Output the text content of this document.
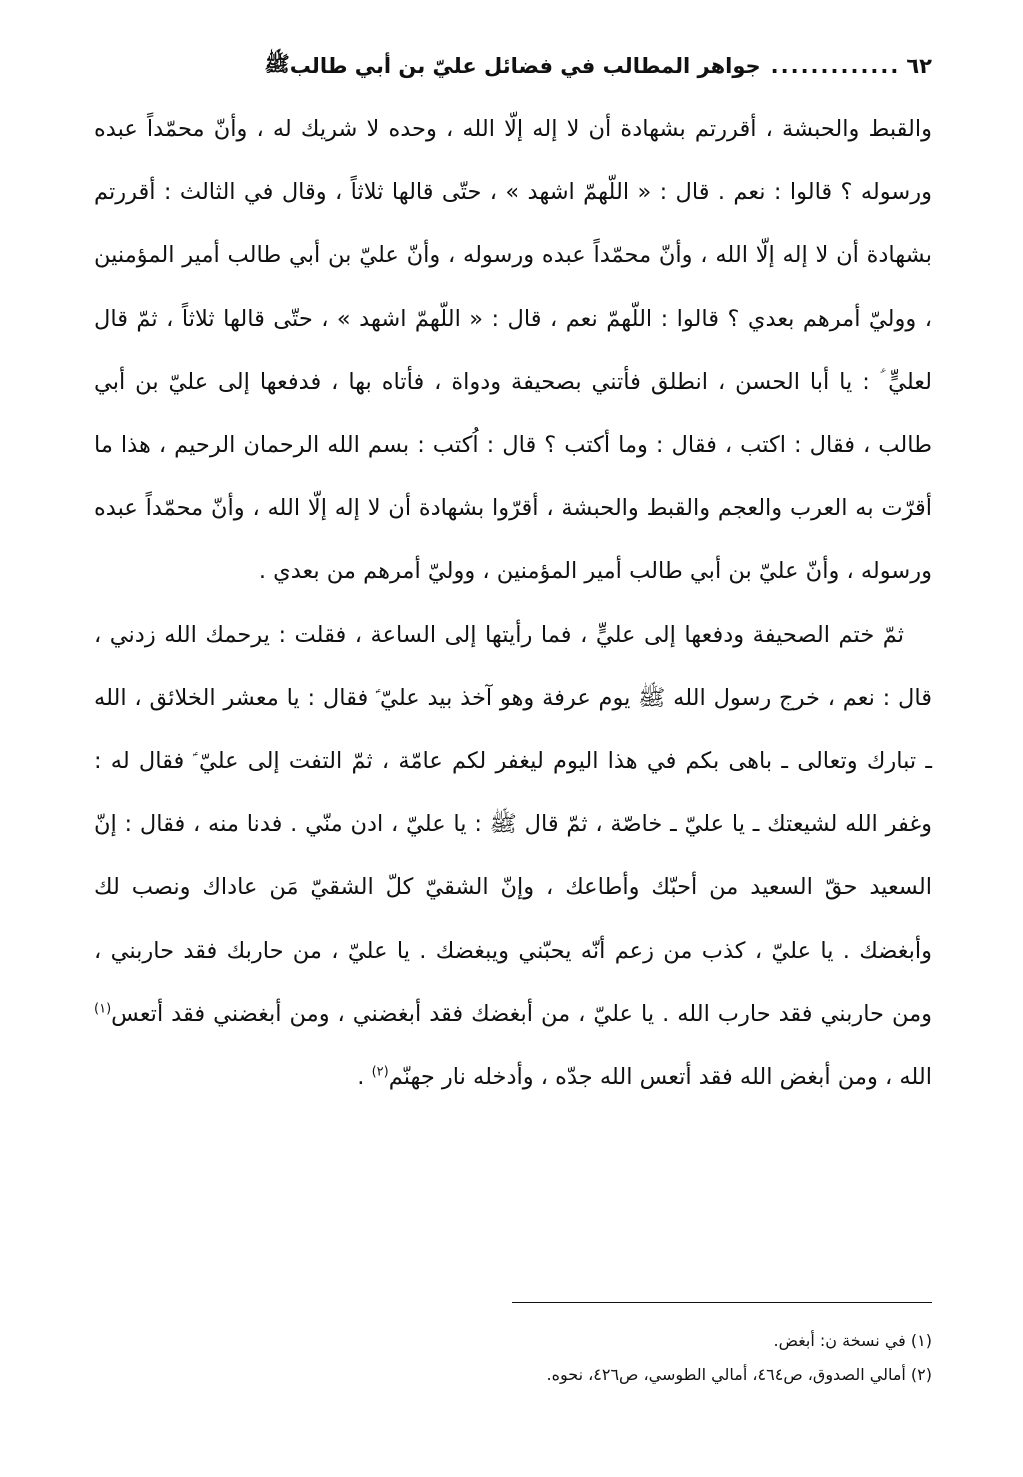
٦٢
.............
جواهر المطالب في فضائل عليّ بن أبي طالب
ﷺ

والقبط والحبشة ، أقررتم بشهادة أن لا إله إلّا الله ، وحده لا شريك له ، وأنّ محمّداً عبده ورسوله ؟ قالوا : نعم . قال : « اللّهمّ اشهد » ، حتّى قالها ثلاثاً ، وقال في الثالث : أقررتم بشهادة أن لا إله إلّا الله ، وأنّ محمّداً عبده ورسوله ، وأنّ عليّ بن أبي طالب أمير المؤمنين ، ووليّ أمرهم بعدي ؟ قالوا : اللّهمّ نعم ، قال : « اللّهمّ اشهد » ، حتّى قالها ثلاثاً ، ثمّ قال لعليٍّ ؑ : يا أبا الحسن ، انطلق فأتني بصحيفة ودواة ، فأتاه بها ، فدفعها إلى عليّ بن أبي طالب ، فقال : اكتب ، فقال : وما أكتب ؟ قال : اُكتب : بسم الله الرحمان الرحيم ، هذا ما أقرّت به العرب والعجم والقبط والحبشة ، أقرّوا بشهادة أن لا إله إلّا الله ، وأنّ محمّداً عبده ورسوله ، وأنّ عليّ بن أبي طالب أمير المؤمنين ، ووليّ أمرهم من بعدي .

ثمّ ختم الصحيفة ودفعها إلى عليٍّ ، فما رأيتها إلى الساعة ، فقلت : يرحمك الله زدني ، قال : نعم ، خرج رسول الله ﷺ يوم عرفة وهو آخذ بيد عليّ ؑ فقال : يا معشر الخلائق ، الله ـ تبارك وتعالى ـ باهى بكم في هذا اليوم ليغفر لكم عامّة ، ثمّ التفت إلى عليّ ؑ فقال له : وغفر الله لشيعتك ـ يا عليّ ـ خاصّة ، ثمّ قال ﷺ : يا عليّ ، ادن منّي . فدنا منه ، فقال : إنّ السعيد حقّ السعيد من أحبّك وأطاعك ، وإنّ الشقيّ كلّ الشقيّ مَن عاداك ونصب لك وأبغضك . يا عليّ ، كذب من زعم أنّه يحبّني ويبغضك . يا عليّ ، من حاربك فقد حاربني ، ومن حاربني فقد حارب الله . يا عليّ ، من أبغضك فقد أبغضني ، ومن أبغضني فقد أتعس$^{(١)}$ الله ، ومن أبغض الله فقد أتعس الله جدّه ، وأدخله نار جهنّم$^{(٢)}$ .

(١) في نسخة ن: أبغض.
(٢) أمالي الصدوق، ص٤٦٤، أمالي الطوسي، ص٤٢٦، نحوه.
